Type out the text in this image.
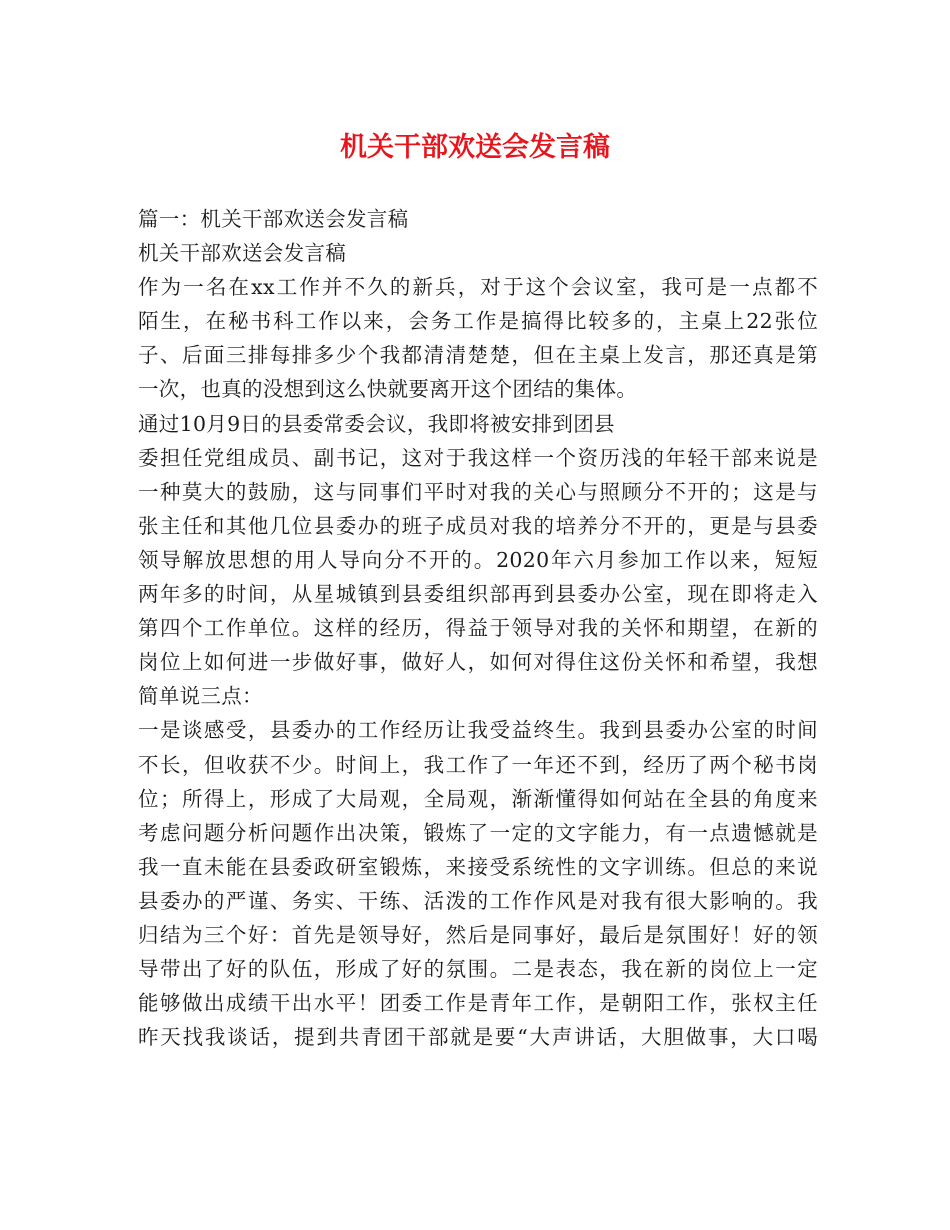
机关干部欢送会发言稿
篇一：机关干部欢送会发言稿
机关干部欢送会发言稿
作为一名在xx工作并不久的新兵，对于这个会议室，我可是一点都不
陌生，在秘书科工作以来，会务工作是搞得比较多的，主桌上22张位
子、后面三排每排多少个我都清清楚楚，但在主桌上发言，那还真是第
一次，也真的没想到这么快就要离开这个团结的集体。
通过10月9日的县委常委会议，我即将被安排到团县
委担任党组成员、副书记，这对于我这样一个资历浅的年轻干部来说是
一种莫大的鼓励，这与同事们平时对我的关心与照顾分不开的；这是与
张主任和其他几位县委办的班子成员对我的培养分不开的，更是与县委
领导解放思想的用人导向分不开的。2020年六月参加工作以来，短短
两年多的时间，从星城镇到县委组织部再到县委办公室，现在即将走入
第四个工作单位。这样的经历，得益于领导对我的关怀和期望，在新的
岗位上如何进一步做好事，做好人，如何对得住这份关怀和希望，我想
简单说三点：
一是谈感受，县委办的工作经历让我受益终生。我到县委办公室的时间
不长，但收获不少。时间上，我工作了一年还不到，经历了两个秘书岗
位；所得上，形成了大局观，全局观，渐渐懂得如何站在全县的角度来
考虑问题分析问题作出决策，锻炼了一定的文字能力，有一点遗憾就是
我一直未能在县委政研室锻炼，来接受系统性的文字训练。但总的来说
县委办的严谨、务实、干练、活泼的工作作风是对我有很大影响的。我
归结为三个好：首先是领导好，然后是同事好，最后是氛围好！好的领
导带出了好的队伍，形成了好的氛围。二是表态，我在新的岗位上一定
能够做出成绩干出水平！团委工作是青年工作，是朝阳工作，张权主任
昨天找我谈话，提到共青团干部就是要“大声讲话，大胆做事，大口喝
